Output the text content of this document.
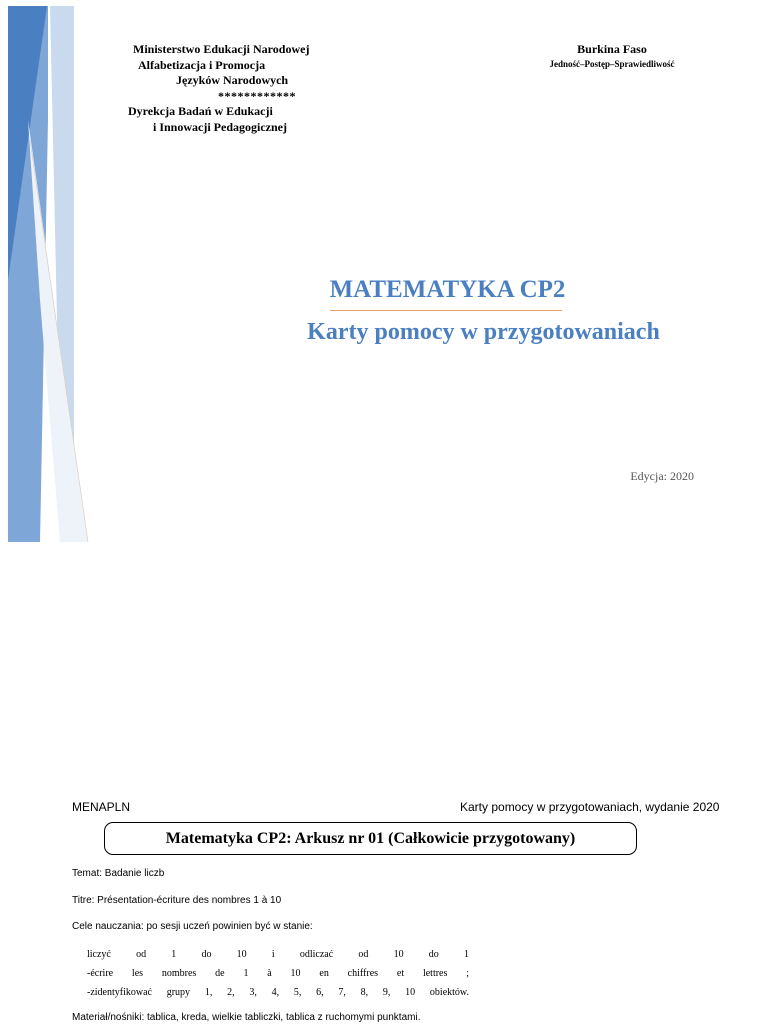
Ministerstwo Edukacji Narodowej
Alfabetizacja i Promocja
Języków Narodowych
************
Dyrekcja Badań w Edukacji
i Innowacji Pedagogicznej
Burkina Faso
Jedność–Postęp–Sprawiedliwość
MATEMATYKA CP2
Karty pomocy w przygotowaniach
Edycja: 2020
MENAPLN	Karty pomocy w przygotowaniach, wydanie 2020
Matematyka CP2: Arkusz nr 01 (Całkowicie przygotowany)
Temat: Badanie liczb
Titre: Présentation-écriture des nombres 1 à 10
Cele nauczania: po sesji uczeń powinien być w stanie:
liczyć od 1 do 10 i odliczać od 10 do 1
-écrire les nombres de 1 à 10 en chiffres et lettres ;
-zidentyfikować grupy 1, 2, 3, 4, 5, 6, 7, 8, 9, 10 obiektów.
Materiał/nośniki: tablica, kreda, wielkie tabliczki, tablica z ruchomymi punktami.
